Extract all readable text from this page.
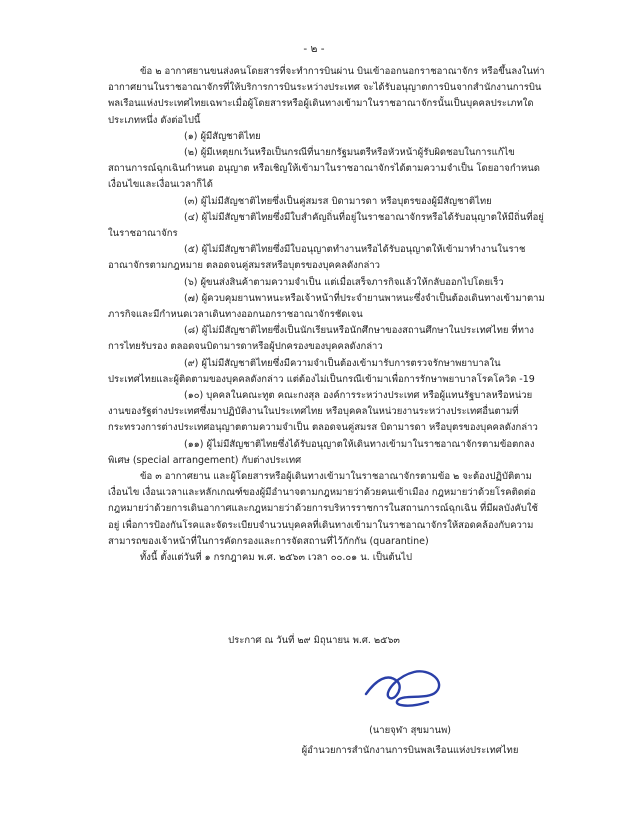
- ๒ -

ข้อ ๒ อากาศยานขนส่งคนโดยสารที่จะทำการบินผ่าน บินเข้าออกนอกราชอาณาจักร หรือขึ้นลงในท่าอากาศยานในราชอาณาจักรที่ให้บริการการบินระหว่างประเทศ จะได้รับอนุญาตการบินจากสำนักงานการบินพลเรือนแห่งประเทศไทยเฉพาะเมื่อผู้โดยสารหรือผู้เดินทางเข้ามาในราชอาณาจักรนั้นเป็นบุคคลประเภทใดประเภทหนึ่ง ดังต่อไปนี้

(๑) ผู้มีสัญชาติไทย

(๒) ผู้มีเหตุยกเว้นหรือเป็นกรณีที่นายกรัฐมนตรีหรือหัวหน้าผู้รับผิดชอบในการแก้ไขสถานการณ์ฉุกเฉินกำหนด อนุญาต หรือเชิญให้เข้ามาในราชอาณาจักรได้ตามความจำเป็น โดยอาจกำหนดเงื่อนไขและเงื่อนเวลาก็ได้

(๓) ผู้ไม่มีสัญชาติไทยซึ่งเป็นคู่สมรส บิดามารดา หรือบุตรของผู้มีสัญชาติไทย

(๔) ผู้ไม่มีสัญชาติไทยซึ่งมีใบสำคัญถิ่นที่อยู่ในราชอาณาจักรหรือได้รับอนุญาตให้มีถิ่นที่อยู่ในราชอาณาจักร

(๕) ผู้ไม่มีสัญชาติไทยซึ่งมีใบอนุญาตทำงานหรือได้รับอนุญาตให้เข้ามาทำงานในราชอาณาจักรตามกฎหมาย ตลอดจนคู่สมรสหรือบุตรของบุคคลดังกล่าว

(๖) ผู้ขนส่งสินค้าตามความจำเป็น แต่เมื่อเสร็จภารกิจแล้วให้กลับออกไปโดยเร็ว

(๗) ผู้ควบคุมยานพาหนะหรือเจ้าหน้าที่ประจำยานพาหนะซึ่งจำเป็นต้องเดินทางเข้ามาตามภารกิจและมีกำหนดเวลาเดินทางออกนอกราชอาณาจักรชัดเจน

(๘) ผู้ไม่มีสัญชาติไทยซึ่งเป็นนักเรียนหรือนักศึกษาของสถานศึกษาในประเทศไทย ที่ทางการไทยรับรอง ตลอดจนบิดามารดาหรือผู้ปกครองของบุคคลดังกล่าว

(๙) ผู้ไม่มีสัญชาติไทยซึ่งมีความจำเป็นต้องเข้ามารับการตรวจรักษาพยาบาลในประเทศไทยและผู้ติดตามของบุคคลดังกล่าว แต่ต้องไม่เป็นกรณีเข้ามาเพื่อการรักษาพยาบาลโรคโควิด -19

(๑๐) บุคคลในคณะทูต คณะกงสุล องค์การระหว่างประเทศ หรือผู้แทนรัฐบาลหรือหน่วยงานของรัฐต่างประเทศซึ่งมาปฏิบัติงานในประเทศไทย หรือบุคคลในหน่วยงานระหว่างประเทศอื่นตามที่กระทรวงการต่างประเทศอนุญาตตามความจำเป็น ตลอดจนคู่สมรส บิดามารดา หรือบุตรของบุคคลดังกล่าว

(๑๑) ผู้ไม่มีสัญชาติไทยซึ่งได้รับอนุญาตให้เดินทางเข้ามาในราชอาณาจักรตามข้อตกลงพิเศษ (special arrangement) กับต่างประเทศ

ข้อ ๓ อากาศยาน และผู้โดยสารหรือผู้เดินทางเข้ามาในราชอาณาจักรตามข้อ ๒ จะต้องปฏิบัติตามเงื่อนไข เงื่อนเวลาและหลักเกณฑ์ของผู้มีอำนาจตามกฎหมายว่าด้วยคนเข้าเมือง กฎหมายว่าด้วยโรคติดต่อ กฎหมายว่าด้วยการเดินอากาศและกฎหมายว่าด้วยการบริหารราชการในสถานการณ์ฉุกเฉิน ที่มีผลบังคับใช้อยู่ เพื่อการป้องกันโรคและจัดระเบียบจำนวนบุคคลที่เดินทางเข้ามาในราชอาณาจักรให้สอดคล้องกับความสามารถของเจ้าหน้าที่ในการคัดกรองและการจัดสถานที่ไว้กักกัน (quarantine)

ทั้งนี้ ตั้งแต่วันที่ ๑ กรกฎาคม พ.ศ. ๒๕๖๓ เวลา ๐๐.๐๑ น. เป็นต้นไป

ประกาศ ณ วันที่ ๒๙ มิถุนายน พ.ศ. ๒๕๖๓
(นายจุฬา สุขมานพ)
ผู้อำนวยการสำนักงานการบินพลเรือนแห่งประเทศไทย
